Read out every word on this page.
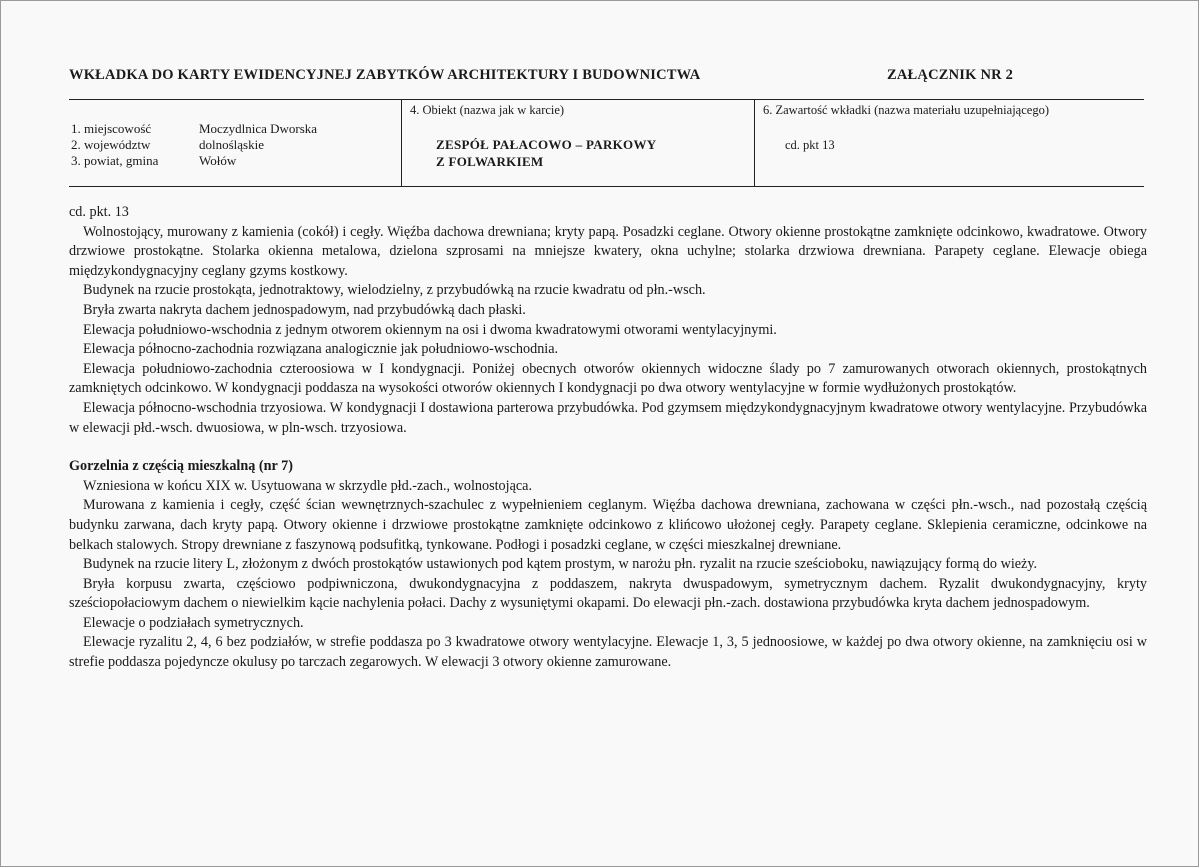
WKŁADKA DO KARTY EWIDENCYJNEJ ZABYTKÓW ARCHITEKTURY I BUDOWNICTWA	ZAŁĄCZNIK NR 2
1. miejscowość	Moczydlnica Dworska
2. województw	dolnośląskie
3. powiat, gmina	Wołów
4. Obiekt (nazwa jak w karcie)
ZESPÓŁ PAŁACOWO – PARKOWY
Z FOLWARKIEM
6. Zawartość wkładki (nazwa materiału uzupełniającego)
cd. pkt 13

cd. pkt. 13

Wolnostojący, murowany z kamienia (cokół) i cegły. Więźba dachowa drewniana; kryty papą. Posadzki ceglane. Otwory okienne prostokątne zamknięte odcinkowo, kwadratowe. Otwory drzwiowe prostokątne. Stolarka okienna metalowa, dzielona szprosami na mniejsze kwatery, okna uchylne; stolarka drzwiowa drewniana. Parapety ceglane. Elewacje obiega międzykondygnacyjny ceglany gzyms kostkowy.

Budynek na rzucie prostokąta, jednotraktowy, wielodzielny, z przybudówką na rzucie kwadratu od płn.-wsch.

Bryła zwarta nakryta dachem jednospadowym, nad przybudówką dach płaski.

Elewacja południowo-wschodnia z jednym otworem okiennym na osi i dwoma kwadratowymi otworami wentylacyjnymi.

Elewacja północno-zachodnia rozwiązana analogicznie jak południowo-wschodnia.

Elewacja południowo-zachodnia czteroosiowa w I kondygnacji. Poniżej obecnych otworów okiennych widoczne ślady po 7 zamurowanych otworach okiennych, prostokątnych zamkniętych odcinkowo. W kondygnacji poddasza na wysokości otworów okiennych I kondygnacji po dwa otwory wentylacyjne w formie wydłużonych prostokątów.

Elewacja północno-wschodnia trzyosiowa. W kondygnacji I dostawiona parterowa przybudówka. Pod gzymsem międzykondygnacyjnym kwadratowe otwory wentylacyjne. Przybudówka w elewacji płd.-wsch. dwuosiowa, w pln-wsch. trzyosiowa.

Gorzelnia z częścią mieszkalną (nr 7)

Wzniesiona w końcu XIX w. Usytuowana w skrzydle płd.-zach., wolnostojąca.

Murowana z kamienia i cegły, część ścian wewnętrznych-szachulec z wypełnieniem ceglanym. Więźba dachowa drewniana, zachowana w części płn.-wsch., nad pozostałą częścią budynku zarwana, dach kryty papą. Otwory okienne i drzwiowe prostokątne zamknięte odcinkowo z klińcowo ułożonej cegły. Parapety ceglane. Sklepienia ceramiczne, odcinkowe na belkach stalowych. Stropy drewniane z faszynową podsufitką, tynkowane. Podłogi i posadzki ceglane, w części mieszkalnej drewniane.

Budynek na rzucie litery L, złożonym z dwóch prostokątów ustawionych pod kątem prostym, w narożu płn. ryzalit na rzucie sześcioboku, nawiązujący formą do wieży.

Bryła korpusu zwarta, częściowo podpiwniczona, dwukondygnacyjna z poddaszem, nakryta dwuspadowym, symetrycznym dachem. Ryzalit dwukondygnacyjny, kryty sześciopołaciowym dachem o niewielkim kącie nachylenia połaci. Dachy z wysuniętymi okapami. Do elewacji płn.-zach. dostawiona przybudówka kryta dachem jednospadowym.

Elewacje o podziałach symetrycznych.

Elewacje ryzalitu 2, 4, 6 bez podziałów, w strefie poddasza po 3 kwadratowe otwory wentylacyjne. Elewacje 1, 3, 5 jednoosiowe, w każdej po dwa otwory okienne, na zamknięciu osi w strefie poddasza pojedyncze okulusy po tarczach zegarowych. W elewacji 3 otwory okienne zamurowane.
